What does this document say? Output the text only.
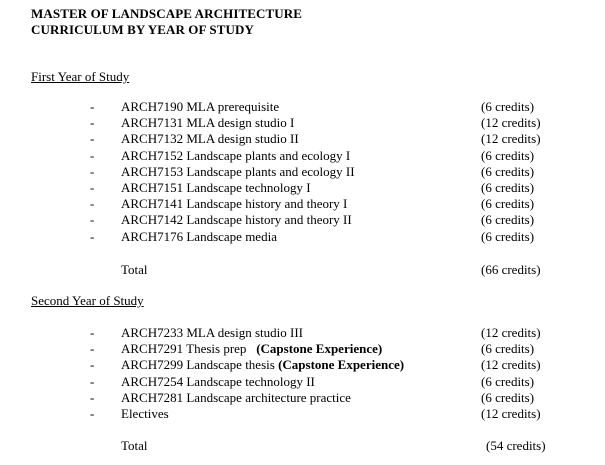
MASTER OF LANDSCAPE ARCHITECTURE
CURRICULUM BY YEAR OF STUDY
First Year of Study
- ARCH7190 MLA prerequisite	(6 credits)
- ARCH7131 MLA design studio I	(12 credits)
- ARCH7132 MLA design studio II	(12 credits)
- ARCH7152 Landscape plants and ecology I	(6 credits)
- ARCH7153 Landscape plants and ecology II	(6 credits)
- ARCH7151 Landscape technology I	(6 credits)
- ARCH7141 Landscape history and theory I	(6 credits)
- ARCH7142 Landscape history and theory II	(6 credits)
- ARCH7176 Landscape media	(6 credits)
Total	(66 credits)
Second Year of Study
- ARCH7233 MLA design studio III	(12 credits)
- ARCH7291 Thesis prep (Capstone Experience)	(6 credits)
- ARCH7299 Landscape thesis (Capstone Experience)	(12 credits)
- ARCH7254 Landscape technology II	(6 credits)
- ARCH7281 Landscape architecture practice	(6 credits)
- Electives	(12 credits)
Total	(54 credits)
